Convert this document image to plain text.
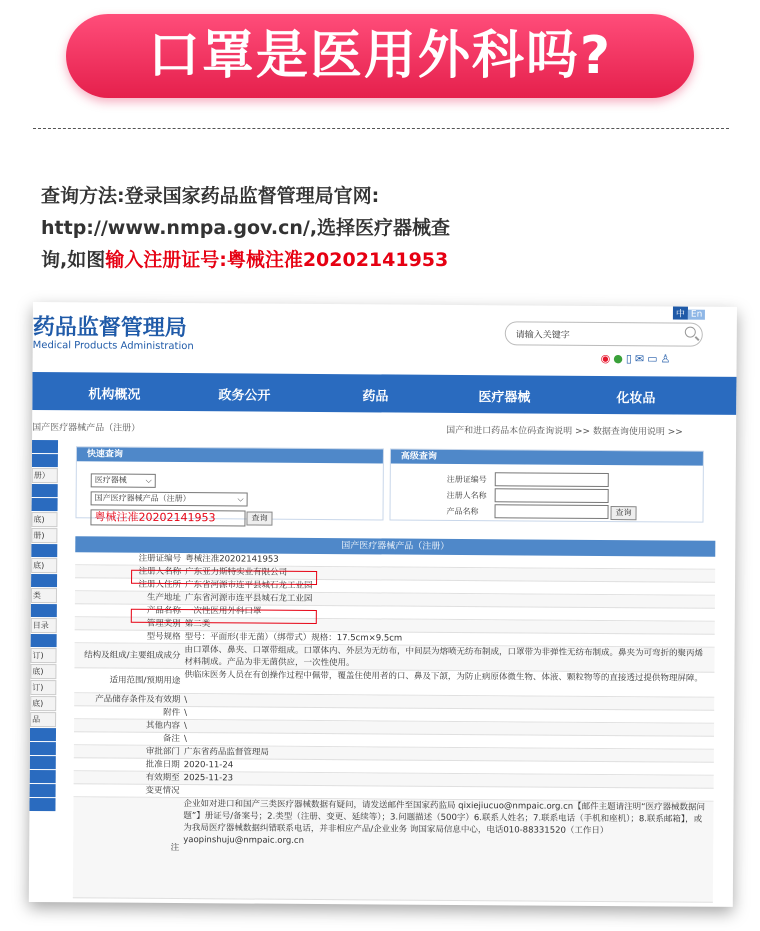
口罩是医用外科吗?

查询方法:登录国家药品监督管理局官网:

http://www.nmpa.gov.cn/,选择医疗器械查

询,如图输入注册证号:粤械注准20202141953

药品监督管理局
Medical Products Administration
中 En
请输入关键字
◉●▯✉▭♙
机构概况	政务公开	药品	医疗器械	化妆品
国产医疗器械产品（注册）	国产和进口药品本位码查询说明 >> 数据查询使用说明 >>
册）
底)
册)
底)
类
目录
订)
底)
订)
底)
品
快速查询
医疗器械 ⌵
国产医疗器械产品（注册）	⌵
粤械注准20202141953	查询
高级查询
注册证编号
注册人名称
产品名称	查询
国产医疗器械产品（注册）
注册证编号 粤械注准20202141953
注册人名称 广东亚力斯特实业有限公司
注册人住所 广东省河源市连平县城石龙工业园
生产地址 广东省河源市连平县城石龙工业园
产品名称 一次性医用外科口罩
管理类别 第二类
型号规格 型号：平面形(非无菌）（绑带式）规格：17.5cm×9.5cm
结构及组成/主要组成成分 由口罩体、鼻夹、口罩带组成。口罩体内、外层为无纺布，中间层为熔喷无纺布制成，口罩带为非弹性无纺布制成。鼻夹为可弯折的聚丙烯材料制成。产品为非无菌供应，一次性使用。
适用范围/预期用途 供临床医务人员在有创操作过程中佩带，覆盖住使用者的口、鼻及下颌，为防止病原体微生物、体液、颗粒物等的直接透过提供物理屏障。
产品储存条件及有效期 \
附件 \
其他内容 \
备注 \
审批部门 广东省药品监督管理局
批准日期 2020-11-24
有效期至 2025-11-23
变更情况
注
企业如对进口和国产三类医疗器械数据有疑问，请发送邮件至国家药监局 qixiejiucuo@nmpaic.org.cn【邮件主题请注明“医疗器械数据问题”】册证号/备案号；2.类型（注册、变更、延续等）；3.问题描述（500字）6.联系人姓名；7.联系电话（手机和座机）；8.联系邮箱】，或 为我局医疗器械数据纠错联系电话，并非相应产品/企业业务 询国家局信息中心，电话010-88331520（工作日） yaopinshuju@nmpaic.org.cn
